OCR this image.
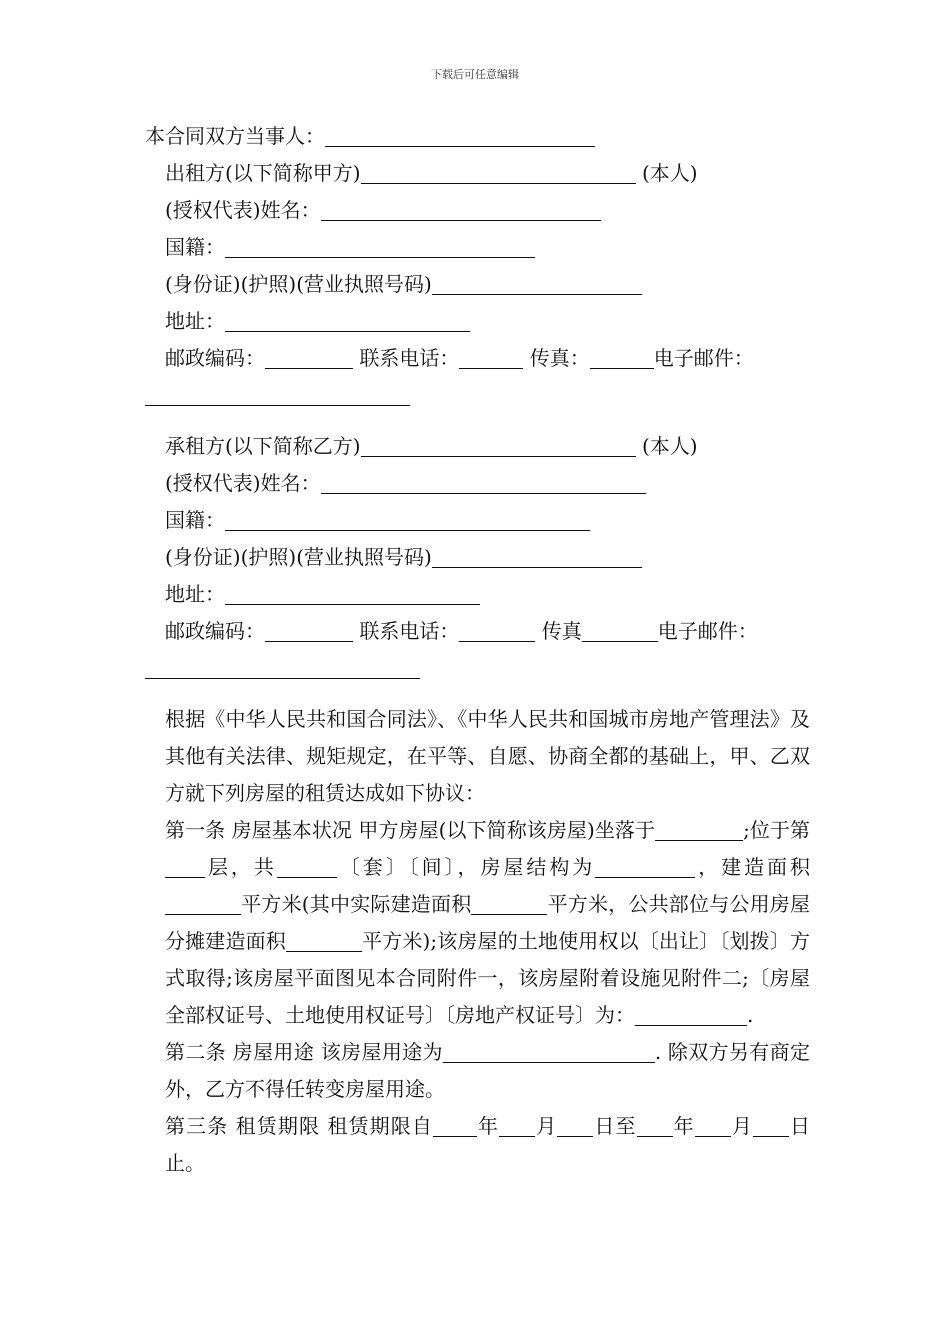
下载后可任意编辑
本合同双方当事人：
出租方(以下简称甲方)	(本人)
(授权代表)姓名：
国籍：
(身份证)(护照)(营业执照号码)
地址：
邮政编码：	联系电话：	传真：	电子邮件：
承租方(以下简称乙方)	(本人)
(授权代表)姓名：
国籍：
(身份证)(护照)(营业执照号码)
地址：
邮政编码：	联系电话：	传真	电子邮件：
根据《中华人民共和国合同法》、《中华人民共和国城市房地产管理法》及其他有关法律、规矩规定，在平等、自愿、协商全都的基础上，甲、乙双方就下列房屋的租赁达成如下协议：
第一条 房屋基本状况 甲方房屋(以下简称该房屋)坐落于	;位于第层，共	〔套〕〔间〕，房屋结构为	，建造面积平方米(其中实际建造面积	平方米，公共部位与公用房屋分摊建造面积	平方米);该房屋的土地使用权以〔出让〕〔划拨〕方式取得;该房屋平面图见本合同附件一，该房屋附着设施见附件二;〔房屋全部权证号、土地使用权证号〕〔房地产权证号〕为：	.
第二条 房屋用途 该房屋用途为	. 除双方另有商定外，乙方不得任转变房屋用途。
第三条 租赁期限 租赁期限自 年 月 日至 年 月 日止。
